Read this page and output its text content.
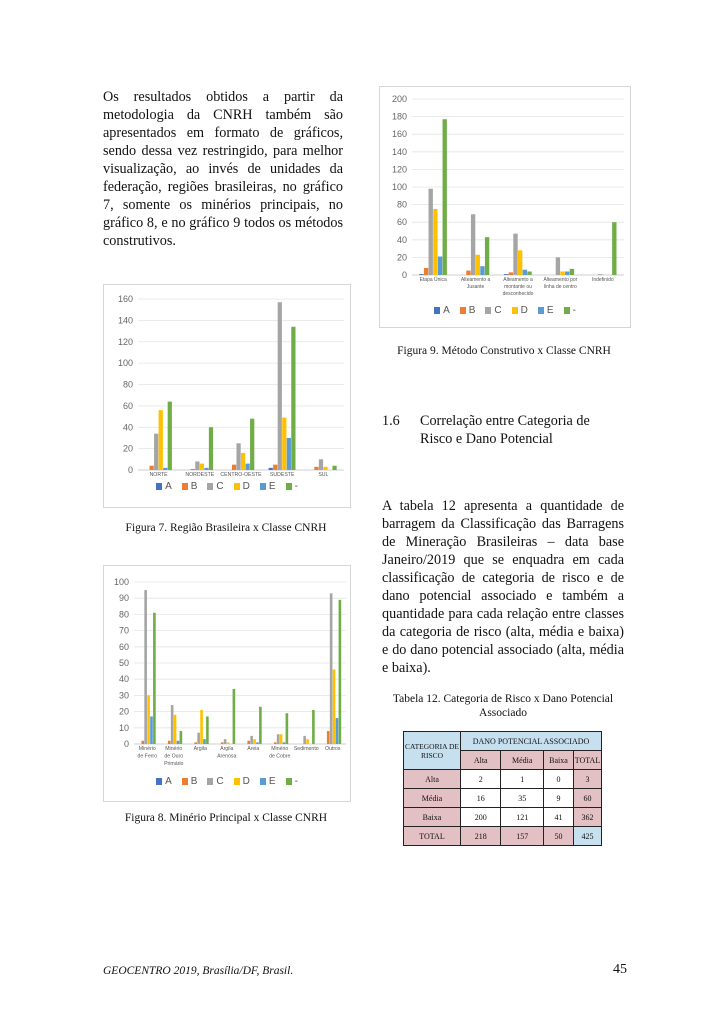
Os resultados obtidos a partir da metodologia da CNRH também são apresentados em formato de gráficos, sendo dessa vez restringido, para melhor visualização, ao invés de unidades da federação, regiões brasileiras, no gráfico 7, somente os minérios principais, no gráfico 8, e no gráfico 9 todos os métodos construtivos.
0
20
40
60
80
100
120
140
160
NORTE	NORDESTE CENTRO-OESTE SUDESTE	SUL
A B C D E -
Figura 7. Região Brasileira x Classe CNRH
0
10
20
30
40
50
60
70
80
90
100
Minério
de Ferro
Minério
de Ouro
Primário
Argila	Argila
Arenosa
Areia Minério
de Cobre
Sedimento Outros
A B C D E -
Figura 8. Minério Principal x Classe CNRH
0
20
40
60
80
100
120
140
160
180
200
Etapa Única	Alteamento a
Jusante
Alteamento a
montante ou
desconhecido
Alteamento por
linha de centro
Indefinido
A B C D E -
Figura 9. Método Construtivo x Classe CNRH
1.6 Correlação entre Categoria de Risco e Dano Potencial
A tabela 12 apresenta a quantidade de barragem da Classificação das Barragens de Mineração Brasileiras – data base Janeiro/2019 que se enquadra em cada classificação de categoria de risco e de dano potencial associado e também a quantidade para cada relação entre classes da categoria de risco (alta, média e baixa) e do dano potencial associado (alta, média e baixa).
Tabela 12. Categoria de Risco x Dano Potencial Associado
CATEGORIA DE RISCO	DANO POTENCIAL ASSOCIADO			
	Alta	Média	Baixa	TOTAL
Alta	2	1	0	3
Média	16	35	9	60
Baixa	200	121	41	362
TOTAL	218	157	50	425
GEOCENTRO 2019, Brasília/DF, Brasil.	45
